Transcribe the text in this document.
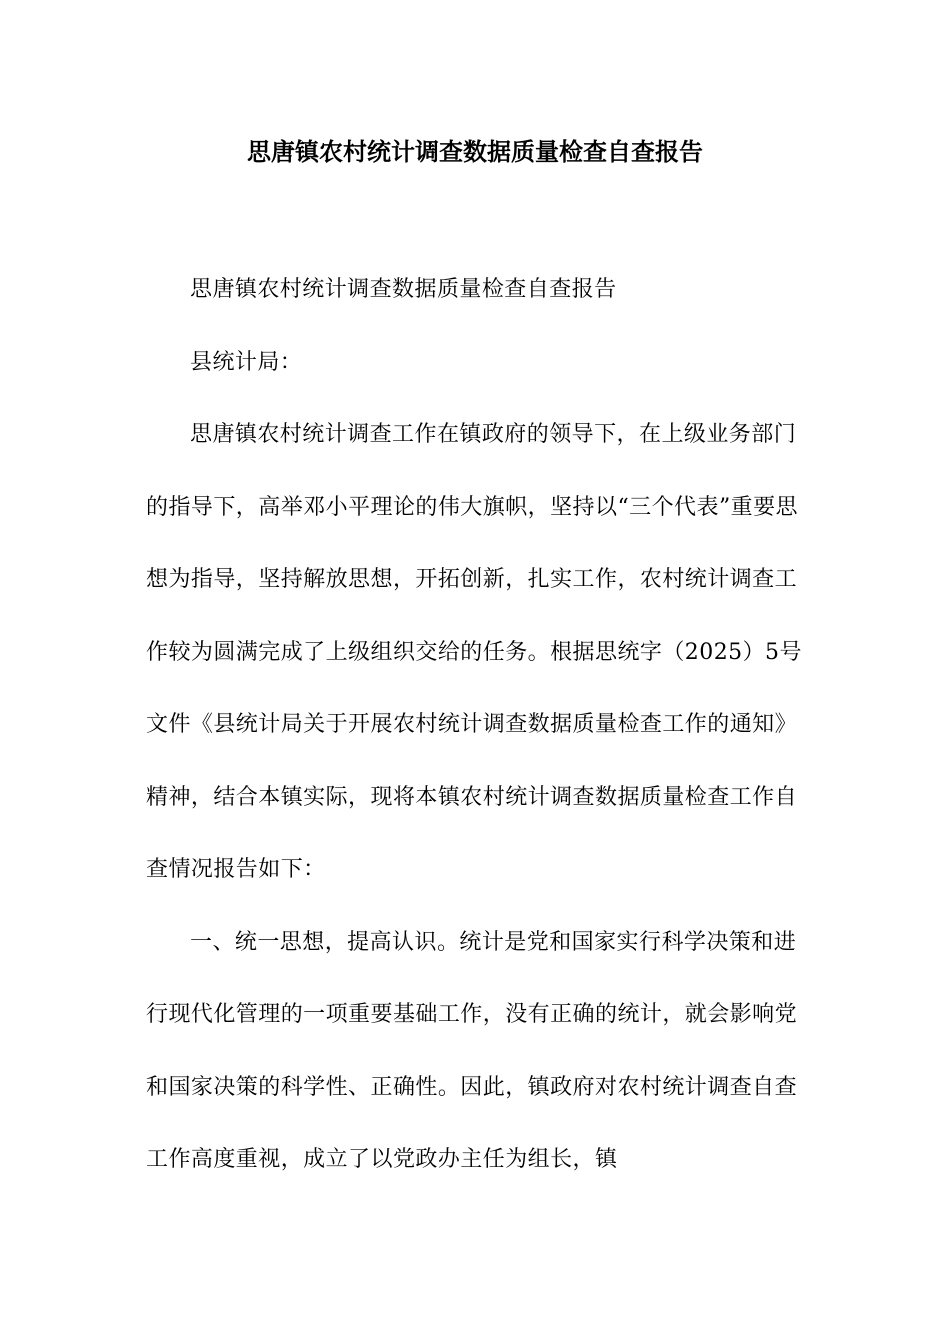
思唐镇农村统计调查数据质量检查自查报告

思唐镇农村统计调查数据质量检查自查报告

县统计局：

思唐镇农村统计调查工作在镇政府的领导下，在上级业务部门的指导下，高举邓小平理论的伟大旗帜，坚持以“三个代表”重要思想为指导，坚持解放思想，开拓创新，扎实工作，农村统计调查工作较为圆满完成了上级组织交给的任务。根据思统字（2025）5号文件《县统计局关于开展农村统计调查数据质量检查工作的通知》精神，结合本镇实际，现将本镇农村统计调查数据质量检查工作自查情况报告如下：

一、统一思想，提高认识。统计是党和国家实行科学决策和进行现代化管理的一项重要基础工作，没有正确的统计，就会影响党和国家决策的科学性、正确性。因此，镇政府对农村统计调查自查工作高度重视，成立了以党政办主任为组长，镇
